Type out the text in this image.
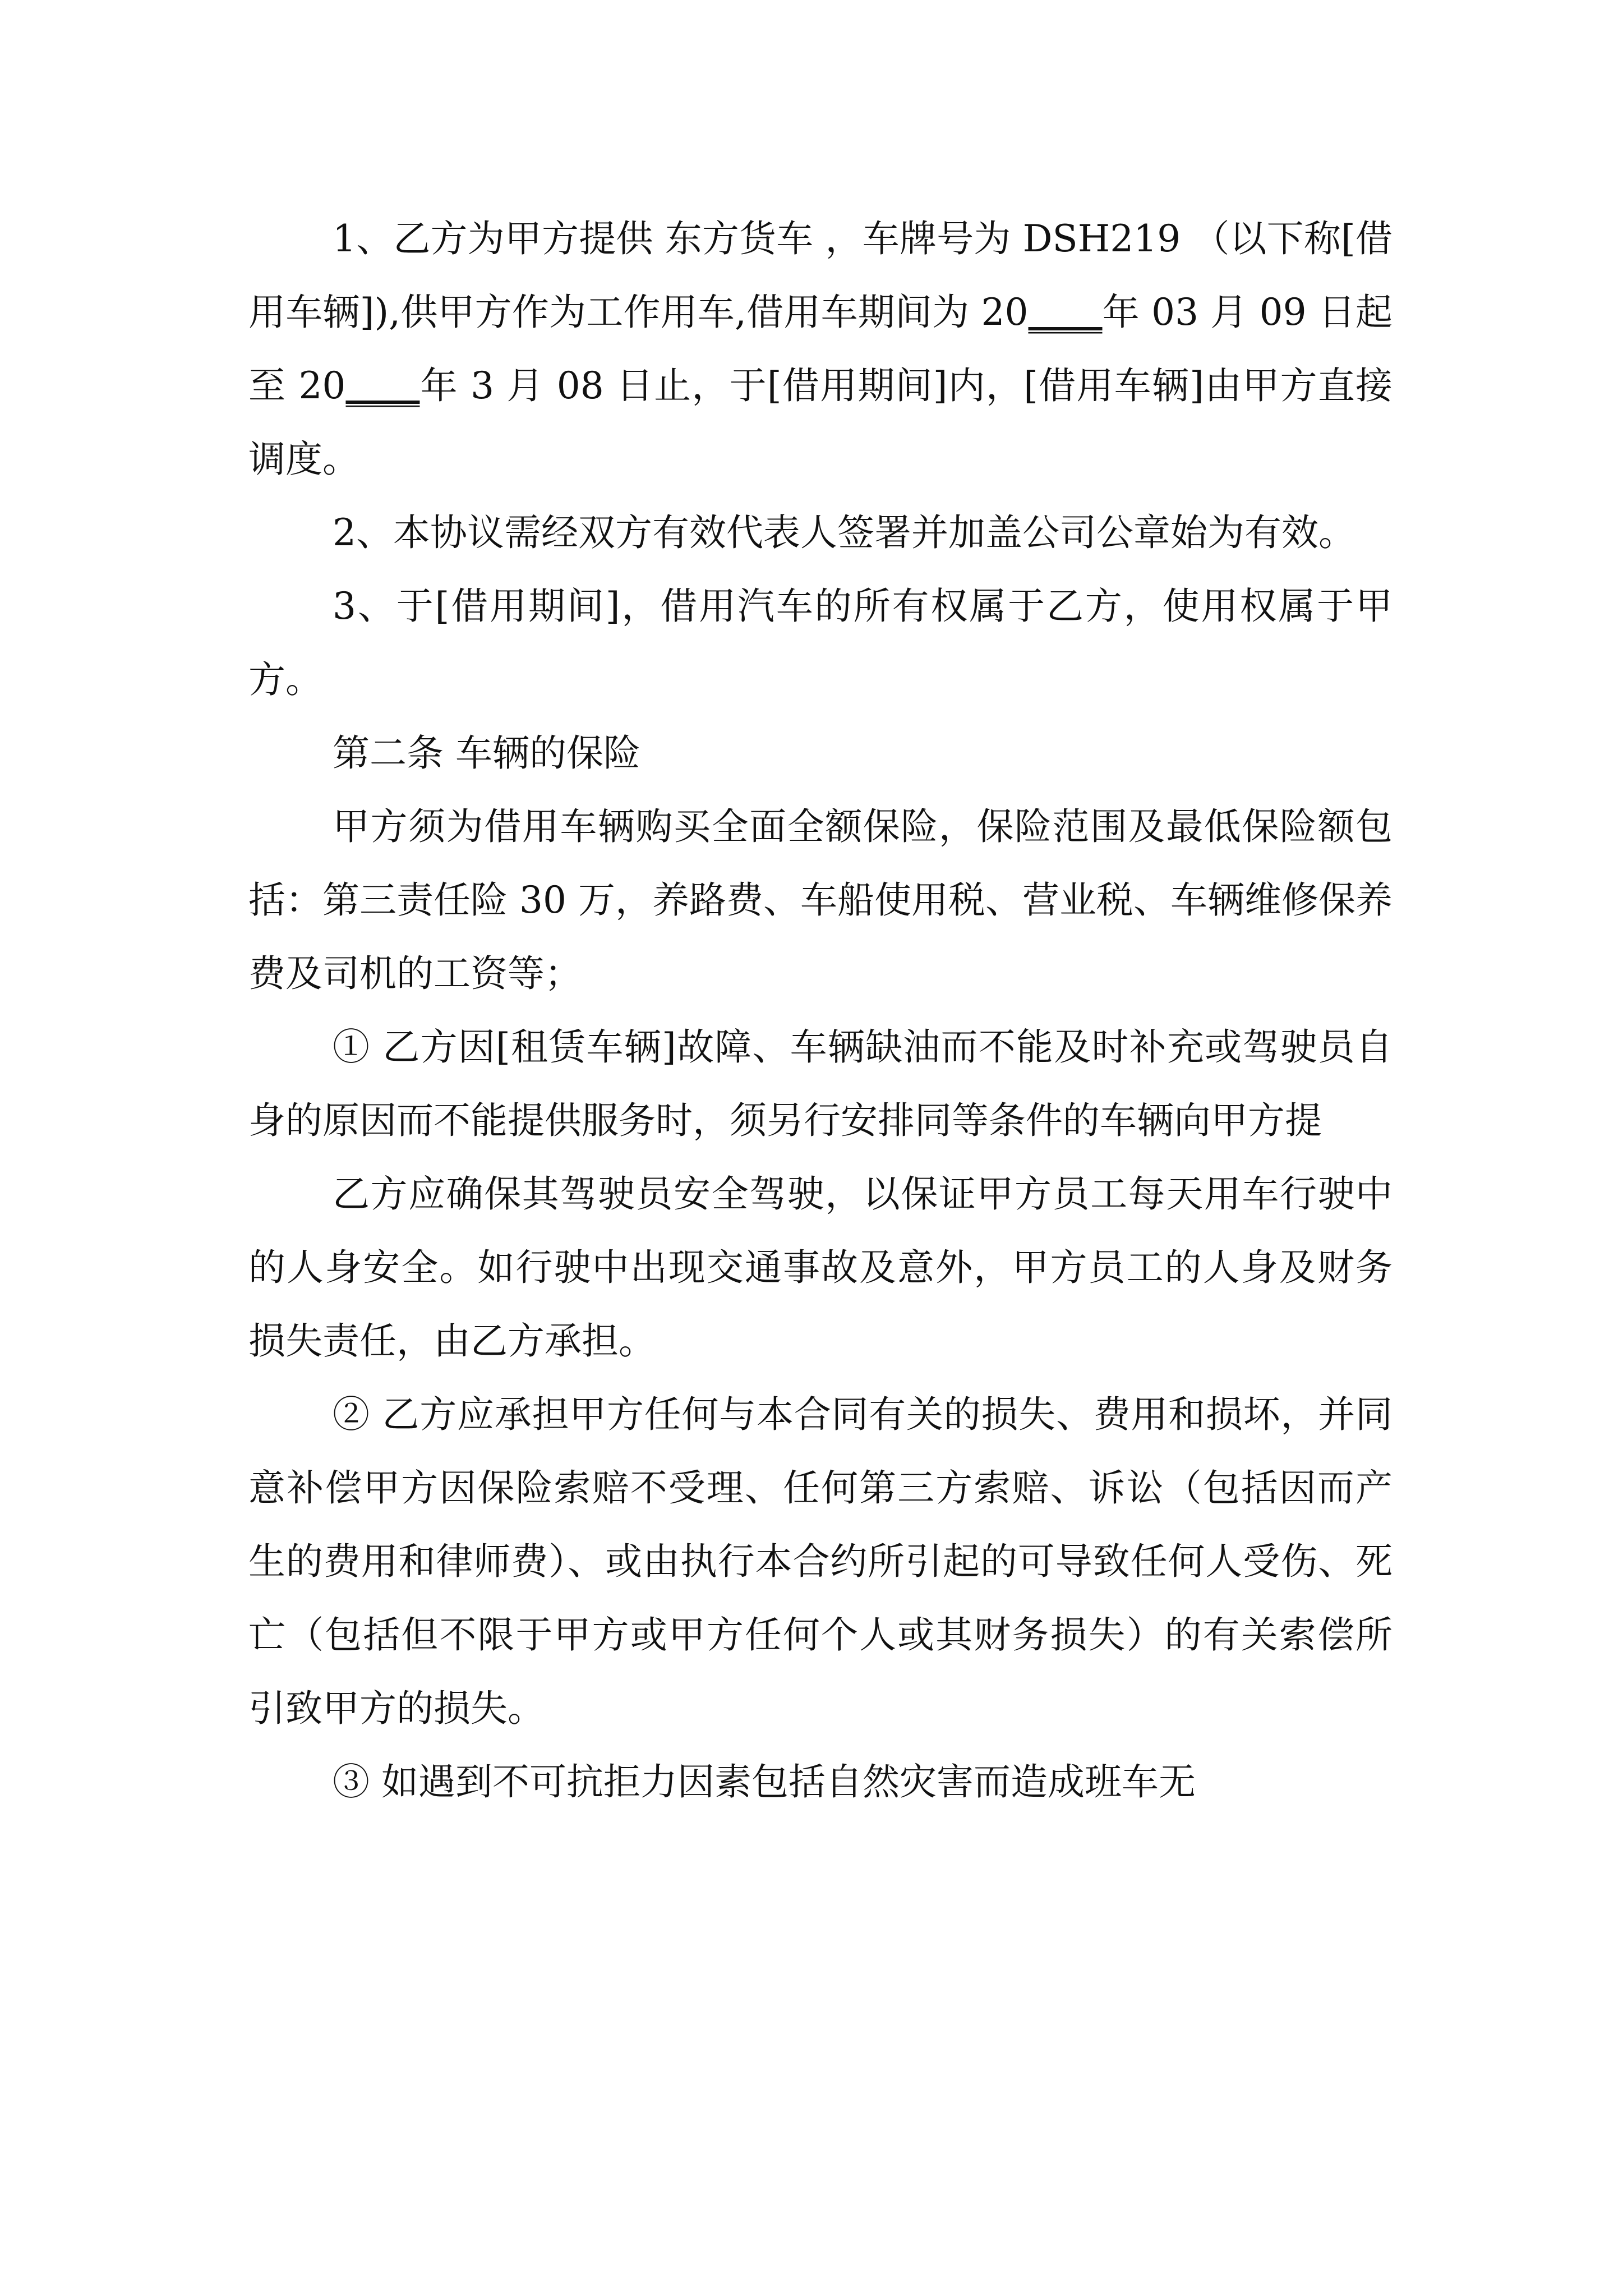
1、乙方为甲方提供 东方货车 ，车牌号为 DSH219 （以下称[借用车辆]),供甲方作为工作用车,借用车期间为 20____年 03 月 09 日起至 20____年 3 月 08 日止，于[借用期间]内，[借用车辆]由甲方直接调度。

2、本协议需经双方有效代表人签署并加盖公司公章始为有效。

3、于[借用期间]，借用汽车的所有权属于乙方，使用权属于甲方。

第二条 车辆的保险

甲方须为借用车辆购买全面全额保险，保险范围及最低保险额包括：第三责任险 30 万，养路费、车船使用税、营业税、车辆维修保养费及司机的工资等；

① 乙方因[租赁车辆]故障、车辆缺油而不能及时补充或驾驶员自身的原因而不能提供服务时，须另行安排同等条件的车辆向甲方提

乙方应确保其驾驶员安全驾驶，以保证甲方员工每天用车行驶中的人身安全。如行驶中出现交通事故及意外，甲方员工的人身及财务损失责任，由乙方承担。

② 乙方应承担甲方任何与本合同有关的损失、费用和损坏，并同意补偿甲方因保险索赔不受理、任何第三方索赔、诉讼（包括因而产生的费用和律师费）、或由执行本合约所引起的可导致任何人受伤、死亡（包括但不限于甲方或甲方任何个人或其财务损失）的有关索偿所引致甲方的损失。

③ 如遇到不可抗拒力因素包括自然灾害而造成班车无
